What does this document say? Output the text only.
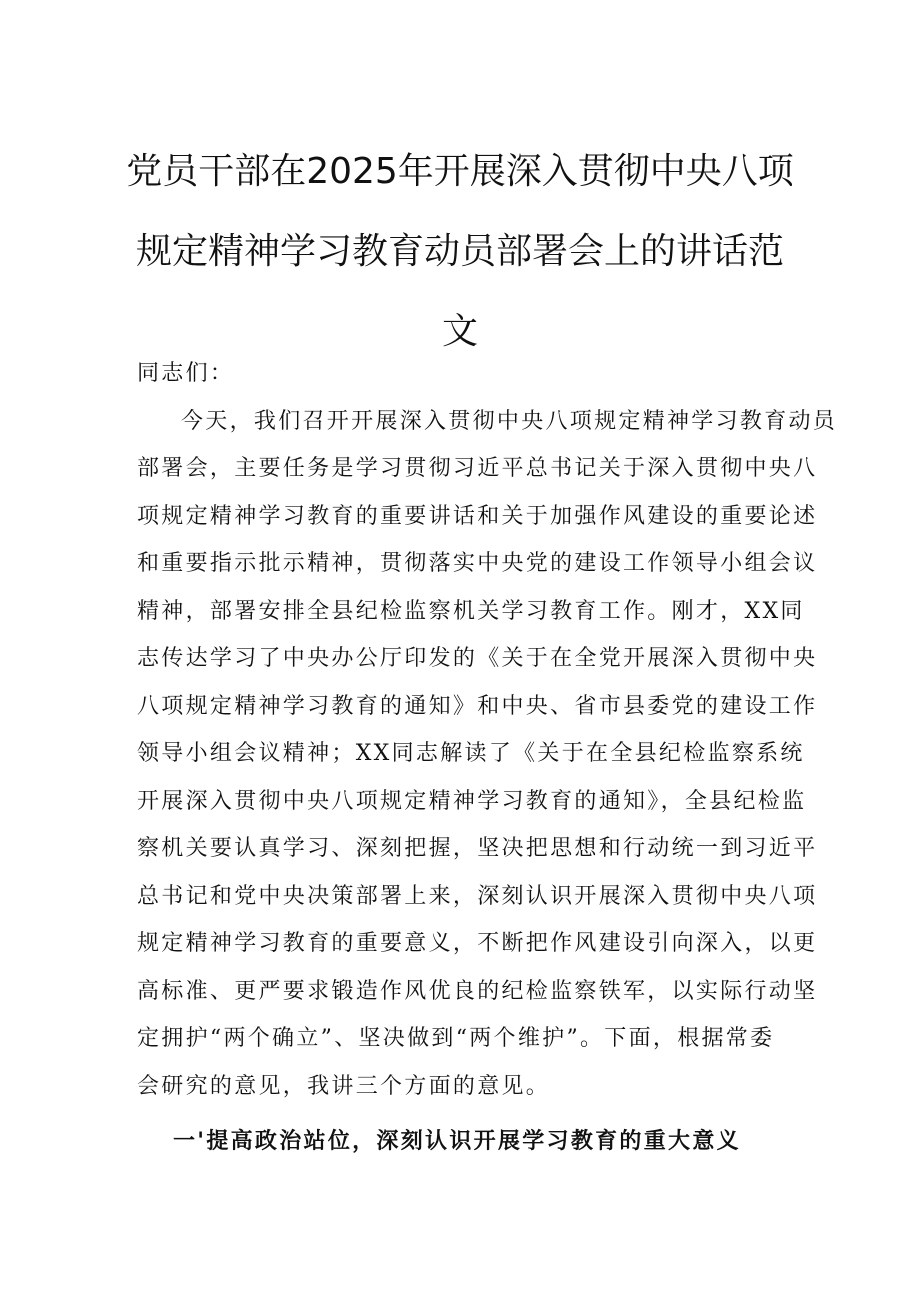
党员干部在2025年开展深入贯彻中央八项
规定精神学习教育动员部署会上的讲话范
文

同志们：

今天，我们召开开展深入贯彻中央八项规定精神学习教育动员
部署会，主要任务是学习贯彻习近平总书记关于深入贯彻中央八
项规定精神学习教育的重要讲话和关于加强作风建设的重要论述
和重要指示批示精神，贯彻落实中央党的建设工作领导小组会议
精神，部署安排全县纪检监察机关学习教育工作。刚才，XX同
志传达学习了中央办公厅印发的《关于在全党开展深入贯彻中央
八项规定精神学习教育的通知》和中央、省市县委党的建设工作
领导小组会议精神；XX同志解读了《关于在全县纪检监察系统
开展深入贯彻中央八项规定精神学习教育的通知》，全县纪检监
察机关要认真学习、深刻把握，坚决把思想和行动统一到习近平
总书记和党中央决策部署上来，深刻认识开展深入贯彻中央八项
规定精神学习教育的重要意义，不断把作风建设引向深入，以更
高标准、更严要求锻造作风优良的纪检监察铁军，以实际行动坚
定拥护“两个确立”、坚决做到“两个维护”。下面，根据常委
会研究的意见，我讲三个方面的意见。

一'提高政治站位，深刻认识开展学习教育的重大意义
